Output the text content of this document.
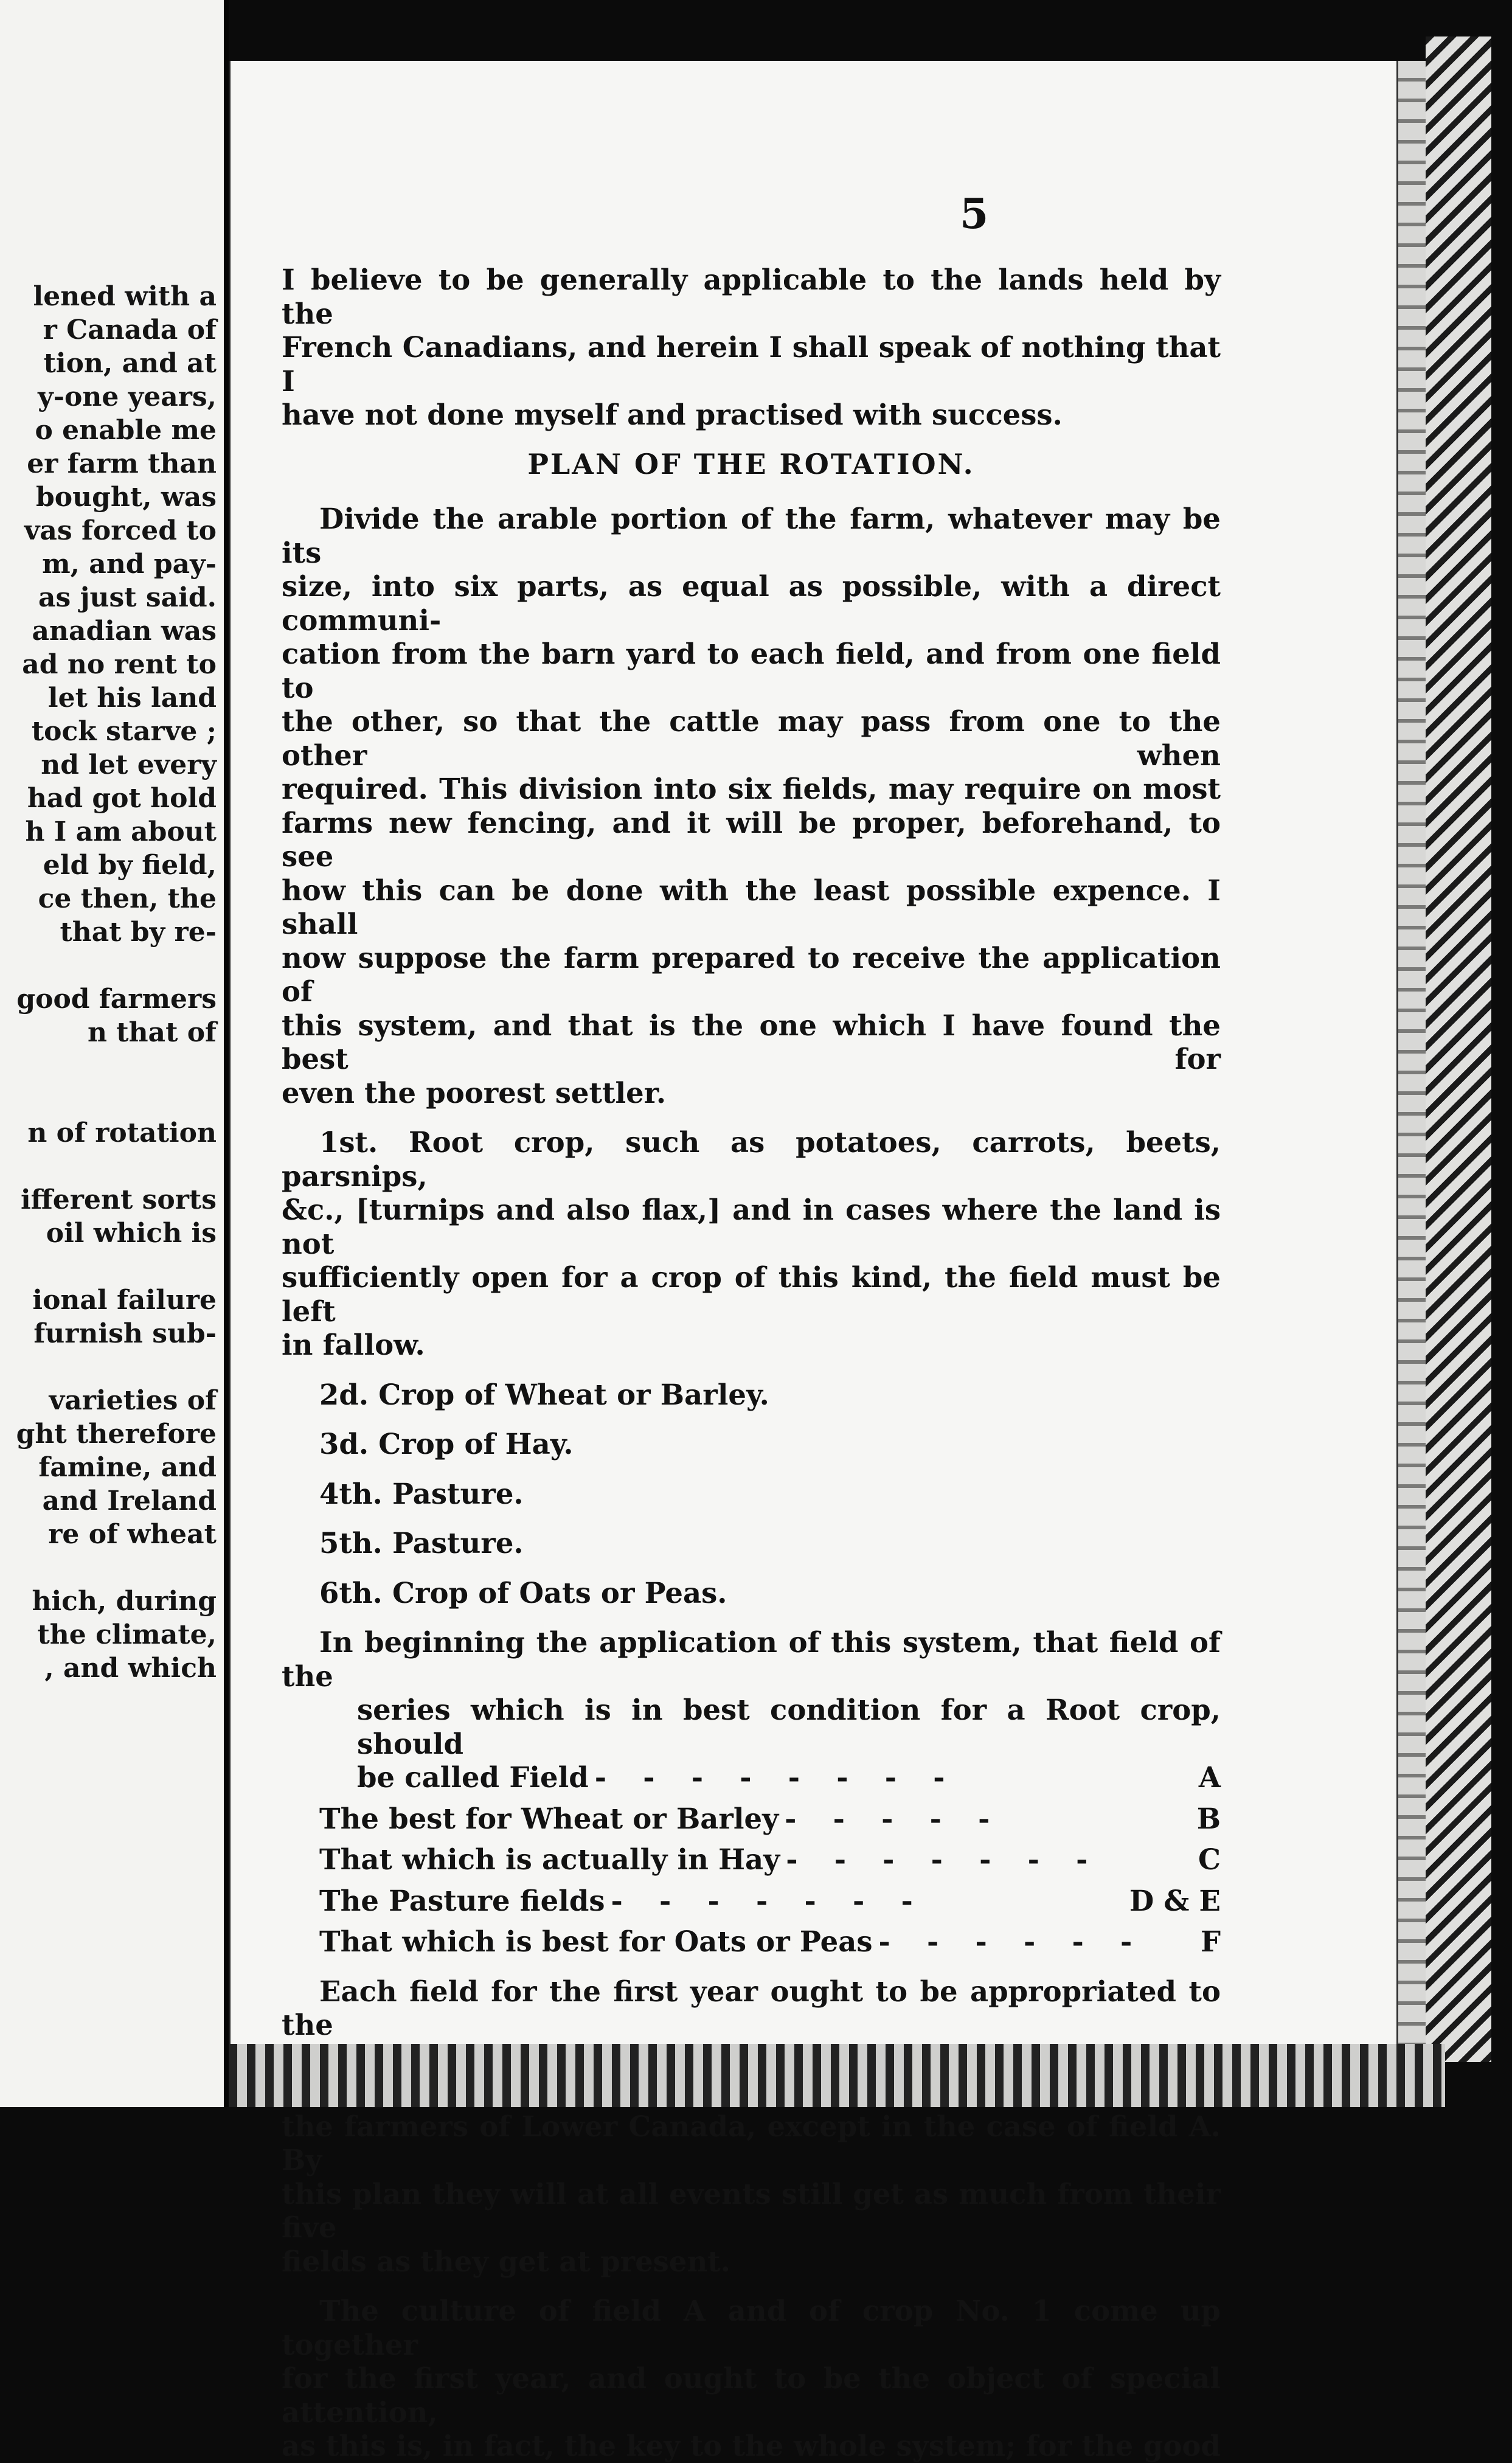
lened with a
r Canada of
tion, and at
y-one years,
o enable me
er farm than
bought, was
vas forced to
m, and pay-
as just said.
anadian was
ad no rent to
let his land
tock starve ;
nd let every
had got hold
h I am about
eld by field,
ce then, the
that by re-
good farmers
n that of
n of rotation
ifferent sorts
oil which is
ional failure
furnish sub-
varieties of
ght therefore
famine, and
and Ireland
re of wheat
hich, during
the climate,
, and which
5

I believe to be generally applicable to the lands held by the
French Canadians, and herein I shall speak of nothing that I
have not done myself and practised with success.

PLAN OF THE ROTATION.

Divide the arable portion of the farm, whatever may be its
size, into six parts, as equal as possible, with a direct communi-
cation from the barn yard to each field, and from one field to
the other, so that the cattle may pass from one to the other when
required. This division into six fields, may require on most
farms new fencing, and it will be proper, beforehand, to see
how this can be done with the least possible expence. I shall
now suppose the farm prepared to receive the application of
this system, and that is the one which I have found the best for
even the poorest settler.

1st. Root crop, such as potatoes, carrots, beets, parsnips,
&c., [turnips and also flax,] and in cases where the land is not
sufficiently open for a crop of this kind, the field must be left
in fallow.

2d. Crop of Wheat or Barley.

3d. Crop of Hay.

4th. Pasture.

5th. Pasture.

6th. Crop of Oats or Peas.

In beginning the application of this system, that field of the
series which is in best condition for a Root crop, should

be called Field - - - - - - - -	A
The best for Wheat or Barley - - - - -	B
That which is actually in Hay - - - - - - -	C
The Pasture fields - - - - - - -	D & E
That which is best for Oats or Peas - - - - - -	F

Each field for the first year ought to be appropriated to the
the farmers of Lower Canada, except in the case of field A. By
this plan they will at all events still get as much from their five
fields as they get at present.

The culture of field A and of crop No. 1 come up together
for the first year, and ought to be the object of special attention,
as this is, in fact, the key to the whole system; for the good
